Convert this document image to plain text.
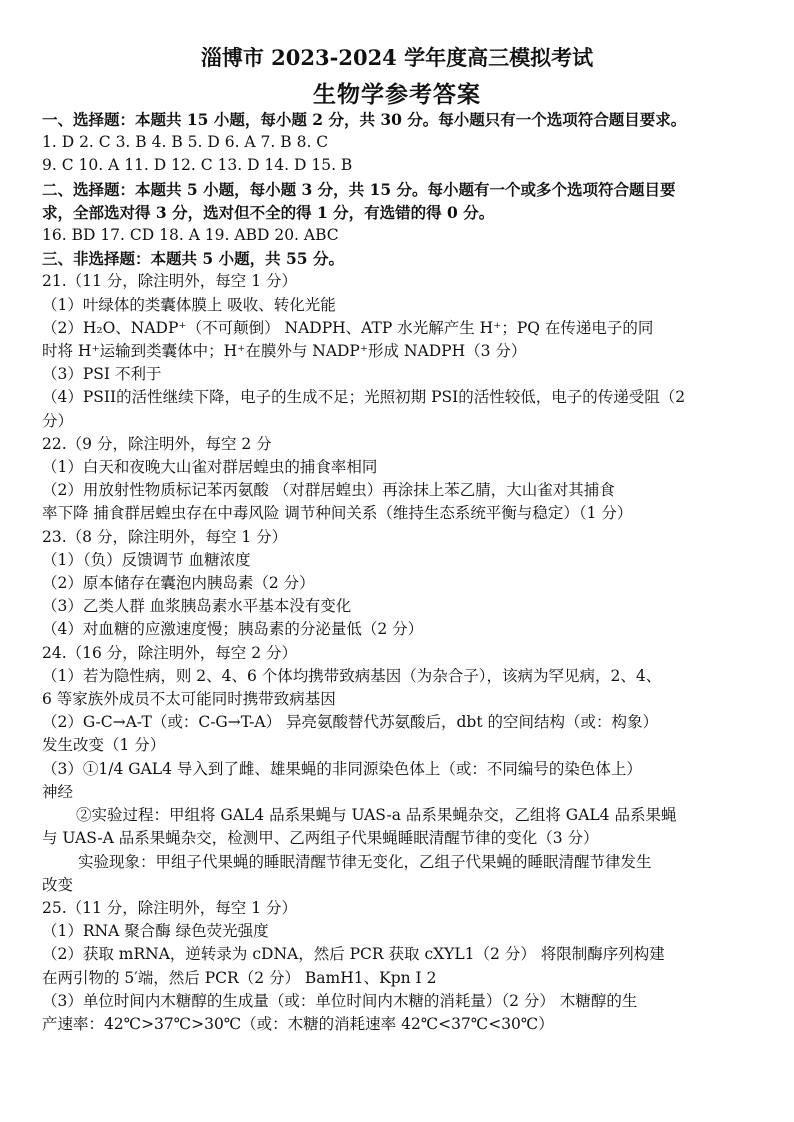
淄博市 2023-2024 学年度高三模拟考试
生物学参考答案
一、选择题：本题共 15 小题，每小题 2 分，共 30 分。每小题只有一个选项符合题目要求。
1. D 2. C 3. B 4. B 5. D 6. A 7. B 8. C
9. C 10. A 11. D 12. C 13. D 14. D 15. B
二、选择题：本题共 5 小题，每小题 3 分，共 15 分。每小题有一个或多个选项符合题目要
求，全部选对得 3 分，选对但不全的得 1 分，有选错的得 0 分。
16. BD 17. CD 18. A 19. ABD 20. ABC
三、非选择题：本题共 5 小题，共 55 分。
21.（11 分，除注明外，每空 1 分）
（1）叶绿体的类囊体膜上 吸收、转化光能
（2）H₂O、NADP⁺（不可颠倒） NADPH、ATP 水光解产生 H⁺；PQ 在传递电子的同
时将 H⁺运输到类囊体中；H⁺在膜外与 NADP⁺形成 NADPH（3 分）
（3）PSI 不利于
（4）PSII的活性继续下降，电子的生成不足；光照初期 PSI的活性较低，电子的传递受阻（2
分）
22.（9 分，除注明外，每空 2 分
（1）白天和夜晚大山雀对群居蝗虫的捕食率相同
（2）用放射性物质标记苯丙氨酸 （对群居蝗虫）再涂抹上苯乙腈，大山雀对其捕食
率下降 捕食群居蝗虫存在中毒风险 调节种间关系（维持生态系统平衡与稳定）（1 分）
23.（8 分，除注明外，每空 1 分）
（1）（负）反馈调节 血糖浓度
（2）原本储存在囊泡内胰岛素（2 分）
（3）乙类人群 血浆胰岛素水平基本没有变化
（4）对血糖的应激速度慢；胰岛素的分泌量低（2 分）
24.（16 分，除注明外，每空 2 分）
（1）若为隐性病，则 2、4、6 个体均携带致病基因（为杂合子），该病为罕见病，2、4、
6 等家族外成员不太可能同时携带致病基因
（2）G-C→A-T（或：C-G→T-A） 异亮氨酸替代苏氨酸后，dbt 的空间结构（或：构象）
发生改变（1 分）
（3）①1/4 GAL4 导入到了雌、雄果蝇的非同源染色体上（或：不同编号的染色体上）
神经
②实验过程：甲组将 GAL4 品系果蝇与 UAS-a 品系果蝇杂交，乙组将 GAL4 品系果蝇
与 UAS-A 品系果蝇杂交，检测甲、乙两组子代果蝇睡眠清醒节律的变化（3 分）
实验现象：甲组子代果蝇的睡眠清醒节律无变化，乙组子代果蝇的睡眠清醒节律发生
改变
25.（11 分，除注明外，每空 1 分）
（1）RNA 聚合酶 绿色荧光强度
（2）获取 mRNA，逆转录为 cDNA，然后 PCR 获取 cXYL1（2 分） 将限制酶序列构建
在两引物的 5′端，然后 PCR（2 分） BamH1、Kpn I 2
（3）单位时间内木糖醇的生成量（或：单位时间内木糖的消耗量）（2 分） 木糖醇的生
产速率：42℃>37℃>30℃（或：木糖的消耗速率 42℃<37℃<30℃）
